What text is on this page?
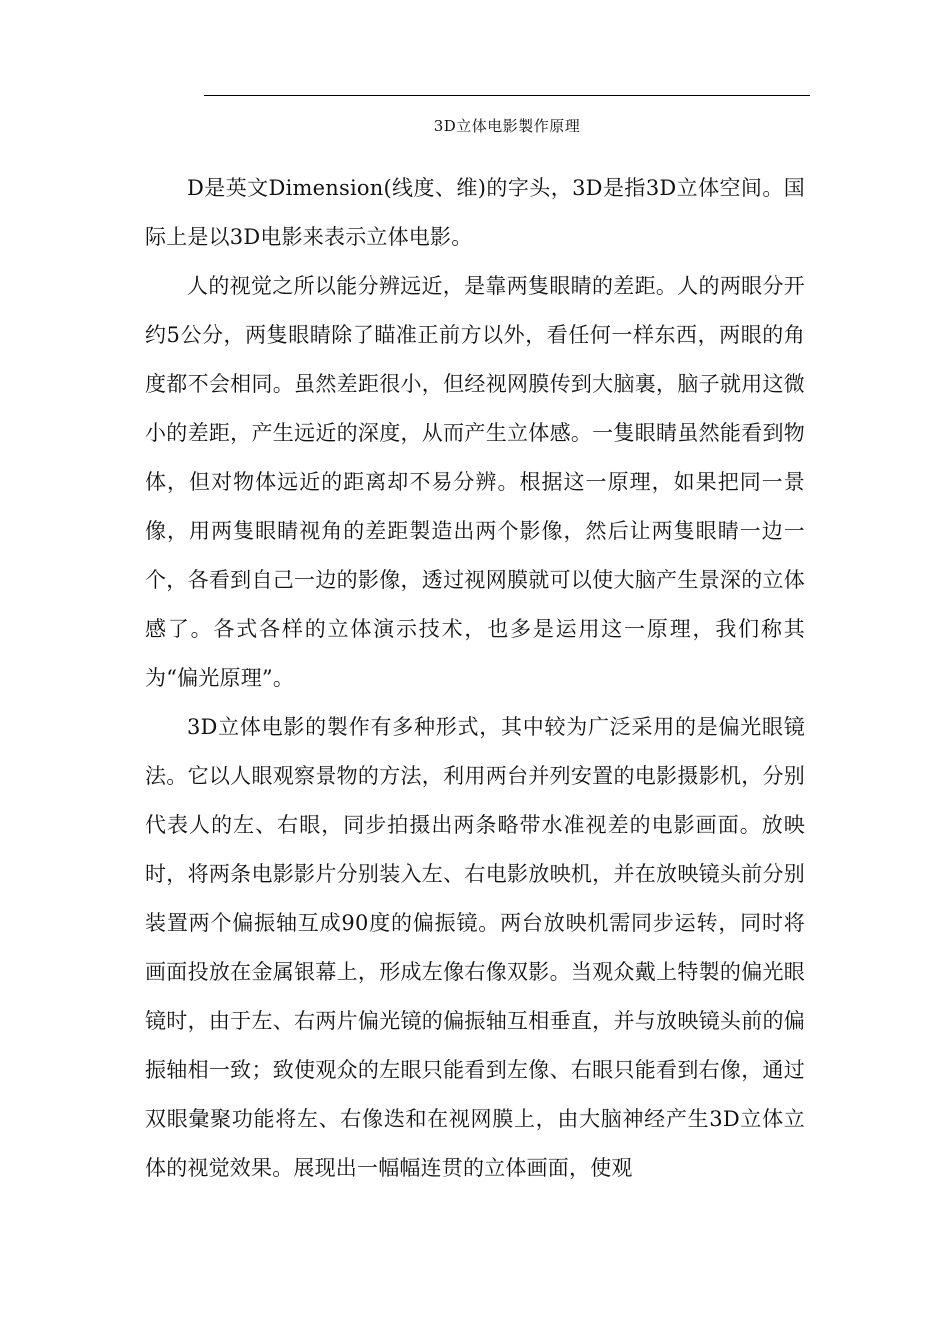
3D立体电影製作原理

D是英文Dimension(线度、维)的字头，3D是指3D立体空间。国际上是以3D电影来表示立体电影。

人的视觉之所以能分辨远近，是靠两隻眼睛的差距。人的两眼分开约5公分，两隻眼睛除了瞄准正前方以外，看任何一样东西，两眼的角度都不会相同。虽然差距很小，但经视网膜传到大脑裏，脑子就用这微小的差距，产生远近的深度，从而产生立体感。一隻眼睛虽然能看到物体，但对物体远近的距离却不易分辨。根据这一原理，如果把同一景像，用两隻眼睛视角的差距製造出两个影像，然后让两隻眼睛一边一个，各看到自己一边的影像，透过视网膜就可以使大脑产生景深的立体感了。各式各样的立体演示技术，也多是运用这一原理，我们称其为“偏光原理”。

3D立体电影的製作有多种形式，其中较为广泛采用的是偏光眼镜法。它以人眼观察景物的方法，利用两台并列安置的电影摄影机，分别代表人的左、右眼，同步拍摄出两条略带水准视差的电影画面。放映时，将两条电影影片分别装入左、右电影放映机，并在放映镜头前分别装置两个偏振轴互成90度的偏振镜。两台放映机需同步运转，同时将画面投放在金属银幕上，形成左像右像双影。当观众戴上特製的偏光眼镜时，由于左、右两片偏光镜的偏振轴互相垂直，并与放映镜头前的偏振轴相一致；致使观众的左眼只能看到左像、右眼只能看到右像，通过双眼彙聚功能将左、右像迭和在视网膜上，由大脑神经产生3D立体立体的视觉效果。展现出一幅幅连贯的立体画面，使观
